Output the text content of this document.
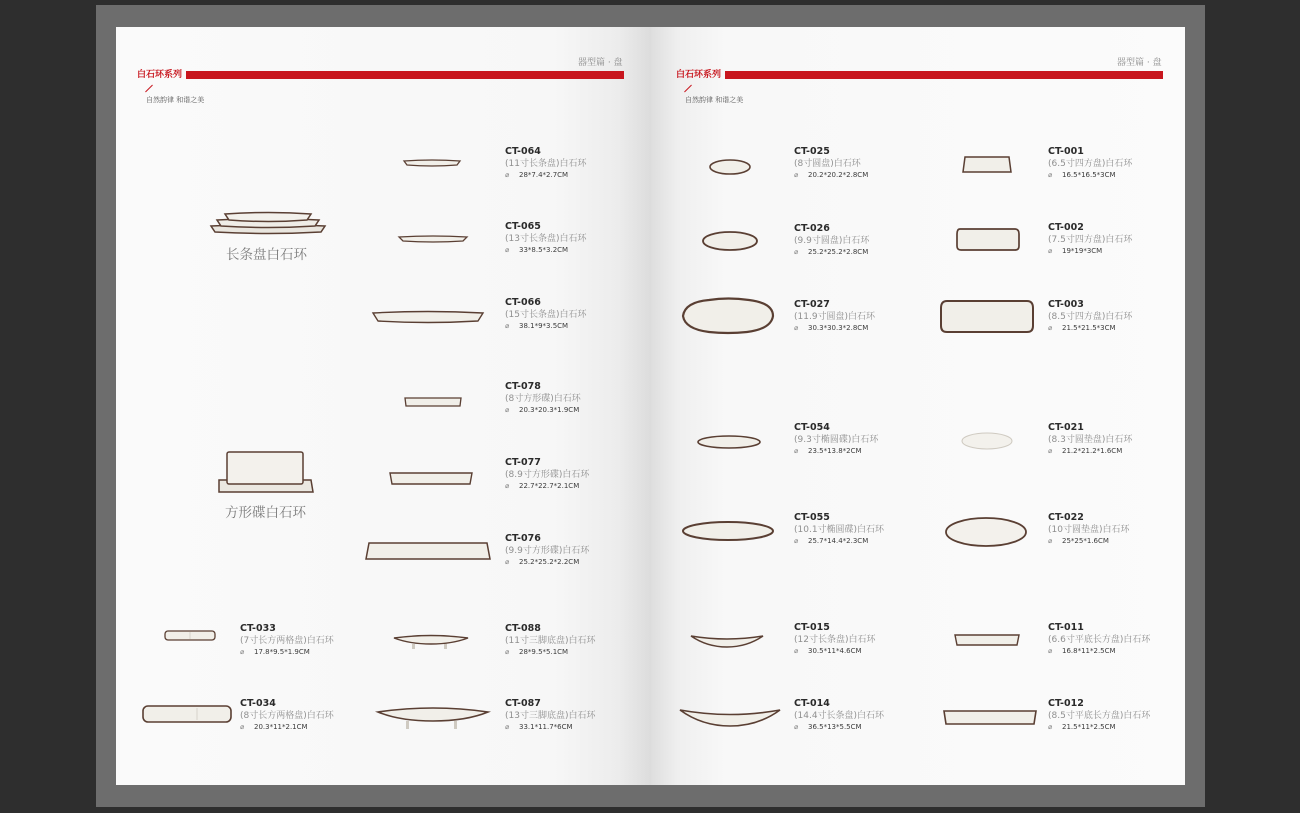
白石环系列
器型篇 · 盘
自然韵律 和谐之美
长条盘白石环
方形碟白石环
CT-064
(11寸长条盘)白石环
⌀ 28*7.4*2.7CM
CT-065
(13寸长条盘)白石环
⌀ 33*8.5*3.2CM
CT-066
(15寸长条盘)白石环
⌀ 38.1*9*3.5CM
CT-078
(8寸方形碟)白石环
⌀ 20.3*20.3*1.9CM
CT-077
(8.9寸方形碟)白石环
⌀ 22.7*22.7*2.1CM
CT-076
(9.9寸方形碟)白石环
⌀ 25.2*25.2*2.2CM
CT-033
(7寸长方两格盘)白石环
⌀ 17.8*9.5*1.9CM
CT-034
(8寸长方两格盘)白石环
⌀ 20.3*11*2.1CM
CT-088
(11寸三脚底盘)白石环
⌀ 28*9.5*5.1CM
CT-087
(13寸三脚底盘)白石环
⌀ 33.1*11.7*6CM
白石环系列
器型篇 · 盘
自然韵律 和谐之美
CT-025
(8寸圆盘)白石环
⌀ 20.2*20.2*2.8CM
CT-026
(9.9寸圆盘)白石环
⌀ 25.2*25.2*2.8CM
CT-027
(11.9寸圆盘)白石环
⌀ 30.3*30.3*2.8CM
CT-054
(9.3寸椭圆碟)白石环
⌀ 23.5*13.8*2CM
CT-055
(10.1寸椭圆碟)白石环
⌀ 25.7*14.4*2.3CM
CT-015
(12寸长条盘)白石环
⌀ 30.5*11*4.6CM
CT-014
(14.4寸长条盘)白石环
⌀ 36.5*13*5.5CM
CT-001
(6.5寸四方盘)白石环
⌀ 16.5*16.5*3CM
CT-002
(7.5寸四方盘)白石环
⌀ 19*19*3CM
CT-003
(8.5寸四方盘)白石环
⌀ 21.5*21.5*3CM
CT-021
(8.3寸圆垫盘)白石环
⌀ 21.2*21.2*1.6CM
CT-022
(10寸圆垫盘)白石环
⌀ 25*25*1.6CM
CT-011
(6.6寸平底长方盘)白石环
⌀ 16.8*11*2.5CM
CT-012
(8.5寸平底长方盘)白石环
⌀ 21.5*11*2.5CM
